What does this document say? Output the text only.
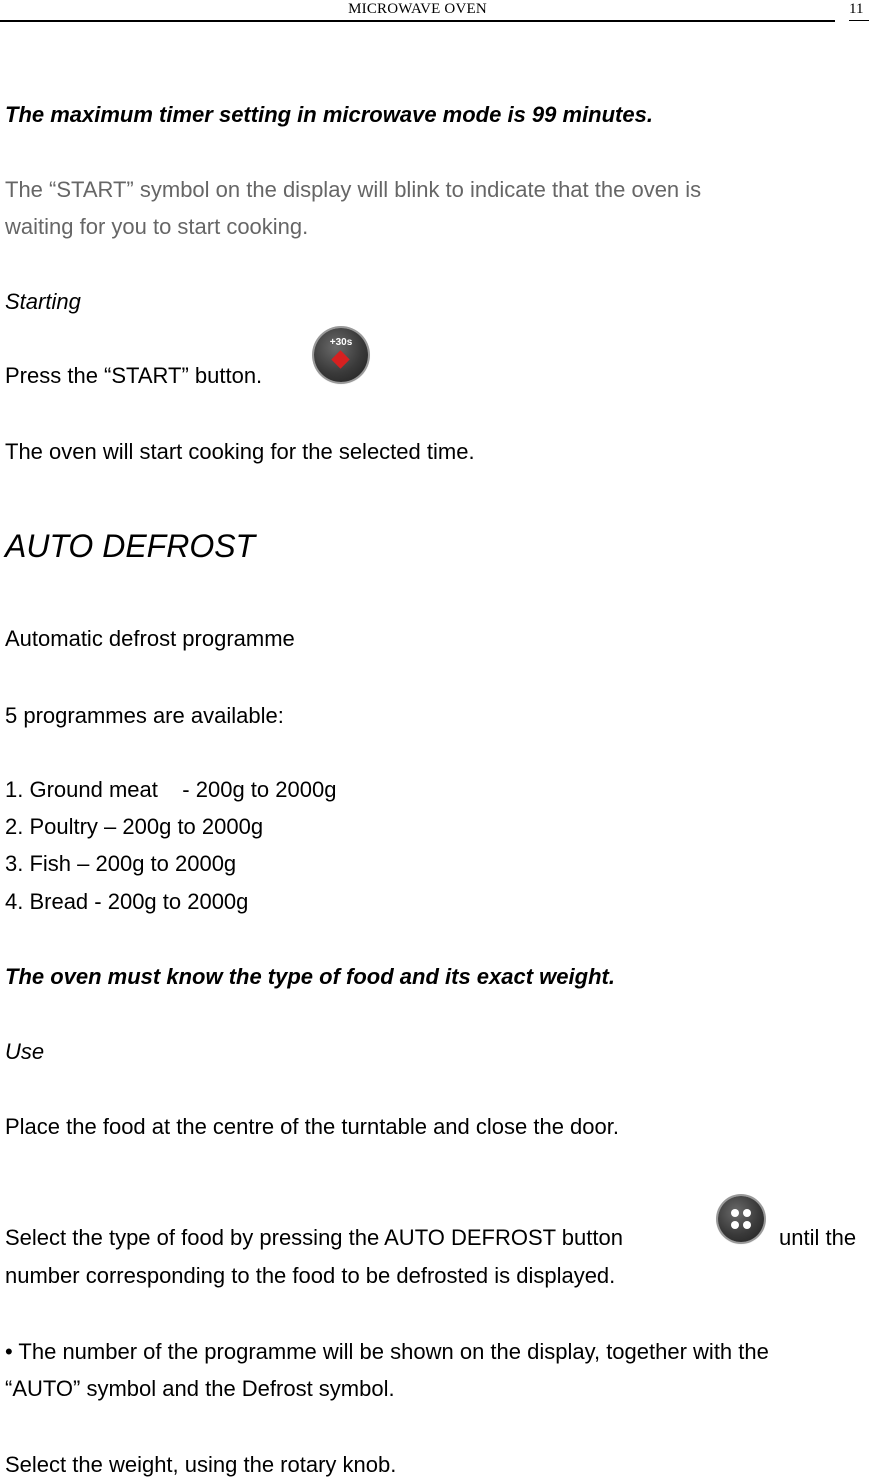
MICROWAVE OVEN	11
The maximum timer setting in microwave mode is 99 minutes.
The “START” symbol on the display will blink to indicate that the oven is
waiting for you to start cooking.
Starting
Press the “START” button.
+30s
The oven will start cooking for the selected time.
AUTO DEFROST
Automatic defrost programme
5 programmes are available:
1. Ground meat    - 200g to 2000g
2. Poultry – 200g to 2000g
3. Fish – 200g to 2000g
4. Bread - 200g to 2000g
The oven must know the type of food and its exact weight.
Use
Place the food at the centre of the turntable and close the door.
Select the type of food by pressing the AUTO DEFROST button	until the
number corresponding to the food to be defrosted is displayed.
• The number of the programme will be shown on the display, together with the
“AUTO” symbol and the Defrost symbol.
Select the weight, using the rotary knob.
